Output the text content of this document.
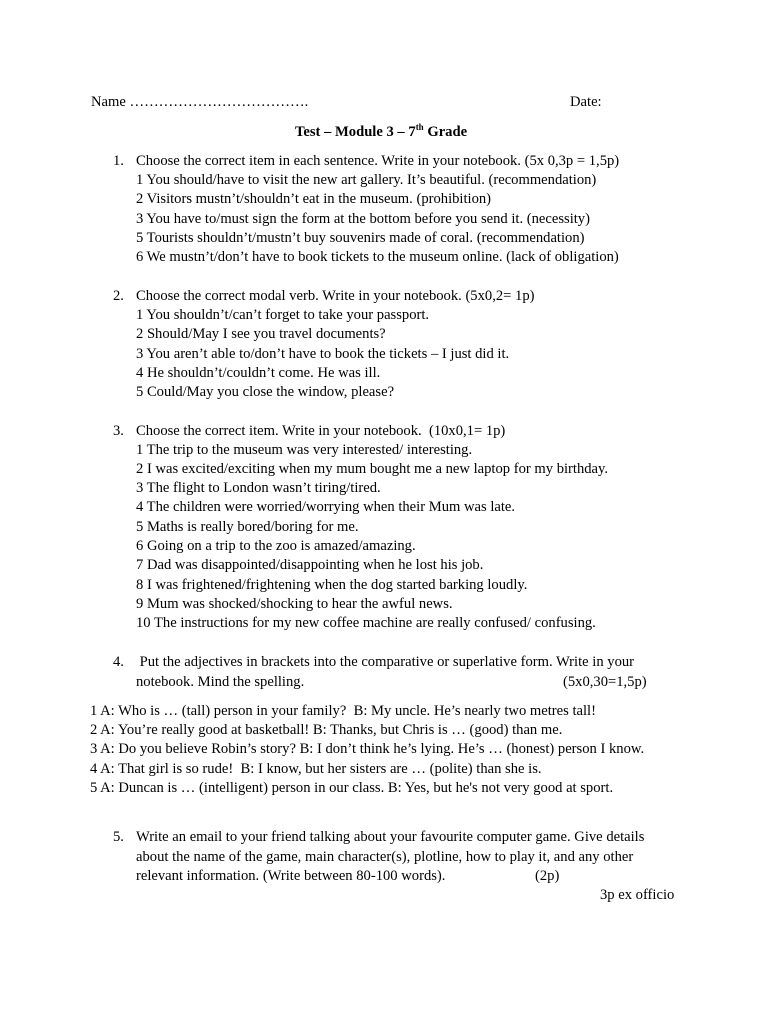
Name ……………………………….	Date:
Test – Module 3 – 7th Grade
1. Choose the correct item in each sentence. Write in your notebook. (5x 0,3p = 1,5p)
1 You should/have to visit the new art gallery. It’s beautiful. (recommendation)
2 Visitors mustn’t/shouldn’t eat in the museum. (prohibition)
3 You have to/must sign the form at the bottom before you send it. (necessity)
5 Tourists shouldn’t/mustn’t buy souvenirs made of coral. (recommendation)
6 We mustn’t/don’t have to book tickets to the museum online. (lack of obligation)
2. Choose the correct modal verb. Write in your notebook. (5x0,2= 1p)
1 You shouldn’t/can’t forget to take your passport.
2 Should/May I see you travel documents?
3 You aren’t able to/don’t have to book the tickets – I just did it.
4 He shouldn’t/couldn’t come. He was ill.
5 Could/May you close the window, please?
3. Choose the correct item. Write in your notebook.  (10x0,1= 1p)
1 The trip to the museum was very interested/ interesting.
2 I was excited/exciting when my mum bought me a new laptop for my birthday.
3 The flight to London wasn’t tiring/tired.
4 The children were worried/worrying when their Mum was late.
5 Maths is really bored/boring for me.
6 Going on a trip to the zoo is amazed/amazing.
7 Dad was disappointed/disappointing when he lost his job.
8 I was frightened/frightening when the dog started barking loudly.
9 Mum was shocked/shocking to hear the awful news.
10 The instructions for my new coffee machine are really confused/ confusing.
4. Put the adjectives in brackets into the comparative or superlative form. Write in your
notebook. Mind the spelling.	(5x0,30=1,5p)
1 A: Who is … (tall) person in your family?  B: My uncle. He’s nearly two metres tall!
2 A: You’re really good at basketball! B: Thanks, but Chris is … (good) than me.
3 A: Do you believe Robin’s story? B: I don’t think he’s lying. He’s … (honest) person I know.
4 A: That girl is so rude!  B: I know, but her sisters are … (polite) than she is.
5 A: Duncan is … (intelligent) person in our class. B: Yes, but he's not very good at sport.
5. Write an email to your friend talking about your favourite computer game. Give details
about the name of the game, main character(s), plotline, how to play it, and any other
relevant information. (Write between 80-100 words).	(2p)
3p ex officio
